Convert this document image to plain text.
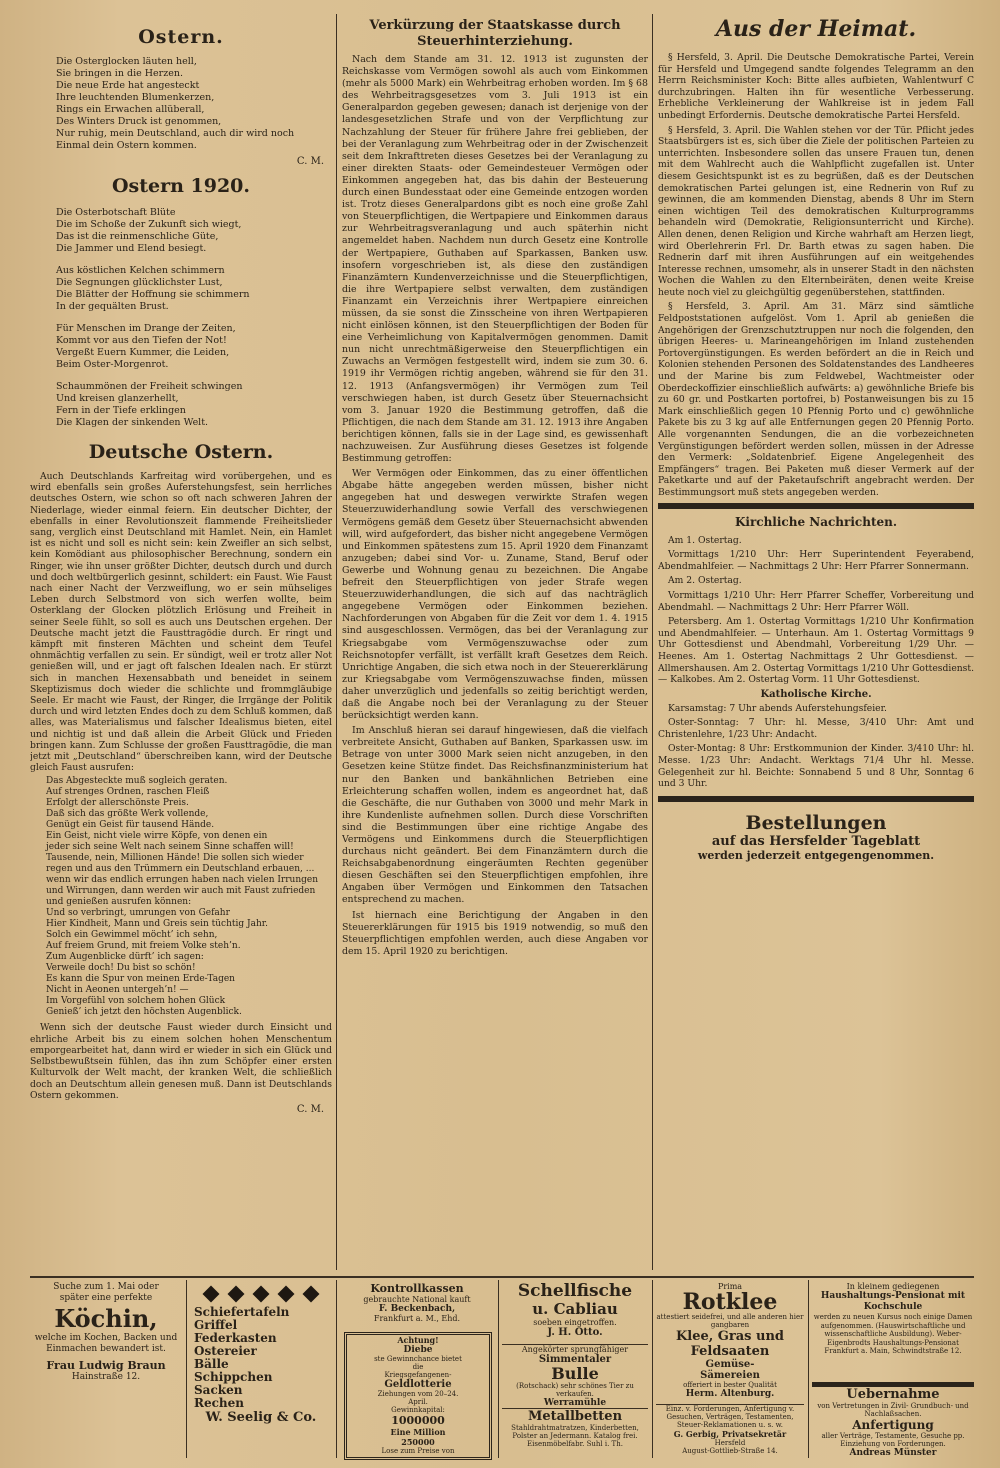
Ostern.

Die Osterglocken läuten hell,

Sie bringen in die Herzen.

Die neue Erde hat angesteckt

Ihre leuchtenden Blumenkerzen,

Rings ein Erwachen allüberall,

Des Winters Druck ist genommen,

Nur ruhig, mein Deutschland, auch dir wird noch

Einmal dein Ostern kommen.

C. M.
Ostern 1920.

Die Osterbotschaft Blüte

Die im Schoße der Zukunft sich wiegt,

Das ist die reinmenschliche Güte,

Die Jammer und Elend besiegt.

Aus köstlichen Kelchen schimmern

Die Segnungen glücklichster Lust,

Die Blätter der Hoffnung sie schimmern

In der gequälten Brust.

Für Menschen im Drange der Zeiten,

Kommt vor aus den Tiefen der Not!

Vergeßt Euern Kummer, die Leiden,

Beim Oster-Morgenrot.

Schaummönen der Freiheit schwingen

Und kreisen glanzerhellt,

Fern in der Tiefe erklingen

Die Klagen der sinkenden Welt.

Deutsche Ostern.

Auch Deutschlands Karfreitag wird vorübergehen, und es wird ebenfalls sein großes Auferstehungsfest, sein herrliches deutsches Ostern, wie schon so oft nach schweren Jahren der Niederlage, wieder einmal feiern. Ein deutscher Dichter, der ebenfalls in einer Revolutionszeit flammende Freiheitslieder sang, verglich einst Deutschland mit Hamlet. Nein, ein Hamlet ist es nicht und soll es nicht sein: kein Zweifler an sich selbst, kein Komödiant aus philosophischer Berechnung, sondern ein Ringer, wie ihn unser größter Dichter, deutsch durch und durch und doch weltbürgerlich gesinnt, schildert: ein Faust. Wie Faust nach einer Nacht der Verzweiflung, wo er sein mühseliges Leben durch Selbstmord von sich werfen wollte, beim Osterklang der Glocken plötzlich Erlösung und Freiheit in seiner Seele fühlt, so soll es auch uns Deutschen ergehen. Der Deutsche macht jetzt die Fausttragödie durch. Er ringt und kämpft mit finsteren Mächten und scheint dem Teufel ohnmächtig verfallen zu sein. Er sündigt, weil er trotz aller Not genießen will, und er jagt oft falschen Idealen nach. Er stürzt sich in manchen Hexensabbath und beneidet in seinem Skeptizismus doch wieder die schlichte und frommgläubige Seele. Er macht wie Faust, der Ringer, die Irrgänge der Politik durch und wird letzten Endes doch zu dem Schluß kommen, daß alles, was Materialismus und falscher Idealismus bieten, eitel und nichtig ist und daß allein die Arbeit Glück und Frieden bringen kann. Zum Schlusse der großen Fausttragödie, die man jetzt mit „Deutschland“ überschreiben kann, wird der Deutsche gleich Faust ausrufen:

Das Abgesteckte muß sogleich geraten.

Auf strenges Ordnen, raschen Fleiß

Erfolgt der allerschönste Preis.

Daß sich das größte Werk vollende,

Genügt ein Geist für tausend Hände.

Ein Geist, nicht viele wirre Köpfe, von denen ein

jeder sich seine Welt nach seinem Sinne schaffen will!

Tausende, nein, Millionen Hände! Die sollen sich wieder regen und aus den Trümmern ein Deutschland erbauen, ... wenn wir das endlich errungen haben nach vielen Irrungen und Wirrungen, dann werden wir auch mit Faust zufrieden und genießen ausrufen können:

Und so verbringt, umrungen von Gefahr

Hier Kindheit, Mann und Greis sein tüchtig Jahr.

Solch ein Gewimmel möcht’ ich sehn,

Auf freiem Grund, mit freiem Volke steh’n.

Zum Augenblicke dürft’ ich sagen:

Verweile doch! Du bist so schön!

Es kann die Spur von meinen Erde-Tagen

Nicht in Aeonen untergeh’n! —

Im Vorgefühl von solchem hohen Glück

Genieß’ ich jetzt den höchsten Augenblick.

Wenn sich der deutsche Faust wieder durch Einsicht und ehrliche Arbeit bis zu einem solchen hohen Menschentum emporgearbeitet hat, dann wird er wieder in sich ein Glück und Selbstbewußtsein fühlen, das ihn zum Schöpfer einer ersten Kulturvolk der Welt macht, der kranken Welt, die schließlich doch an Deutschtum allein genesen muß. Dann ist Deutschlands Ostern gekommen.

C. M.
Verkürzung der Staatskasse durch Steuerhinterziehung.

Nach dem Stande am 31. 12. 1913 ist zugunsten der Reichskasse vom Vermögen sowohl als auch vom Einkommen (mehr als 5000 Mark) ein Wehrbeitrag erhoben worden. Im § 68 des Wehrbeitragsgesetzes vom 3. Juli 1913 ist ein Generalpardon gegeben gewesen; danach ist derjenige von der landesgesetzlichen Strafe und von der Verpflichtung zur Nachzahlung der Steuer für frühere Jahre frei geblieben, der bei der Veranlagung zum Wehrbeitrag oder in der Zwischenzeit seit dem Inkrafttreten dieses Gesetzes bei der Veranlagung zu einer direkten Staats- oder Gemeindesteuer Vermögen oder Einkommen angegeben hat, das bis dahin der Besteuerung durch einen Bundesstaat oder eine Gemeinde entzogen worden ist. Trotz dieses Generalpardons gibt es noch eine große Zahl von Steuerpflichtigen, die Wertpapiere und Einkommen daraus zur Wehrbeitragsveranlagung und auch späterhin nicht angemeldet haben. Nachdem nun durch Gesetz eine Kontrolle der Wertpapiere, Guthaben auf Sparkassen, Banken usw. insofern vorgeschrieben ist, als diese den zuständigen Finanzämtern Kundenverzeichnisse und die Steuerpflichtigen, die ihre Wertpapiere selbst verwalten, dem zuständigen Finanzamt ein Verzeichnis ihrer Wertpapiere einreichen müssen, da sie sonst die Zinsscheine von ihren Wertpapieren nicht einlösen können, ist den Steuerpflichtigen der Boden für eine Verheimlichung von Kapitalvermögen genommen. Damit nun nicht unrechtmäßigerweise den Steuerpflichtigen ein Zuwachs an Vermögen festgestellt wird, indem sie zum 30. 6. 1919 ihr Vermögen richtig angeben, während sie für den 31. 12. 1913 (Anfangsvermögen) ihr Vermögen zum Teil verschwiegen haben, ist durch Gesetz über Steuernachsicht vom 3. Januar 1920 die Bestimmung getroffen, daß die Pflichtigen, die nach dem Stande am 31. 12. 1913 ihre Angaben berichtigen können, falls sie in der Lage sind, es gewissenhaft nachzuweisen. Zur Ausführung dieses Gesetzes ist folgende Bestimmung getroffen:

Wer Vermögen oder Einkommen, das zu einer öffentlichen Abgabe hätte angegeben werden müssen, bisher nicht angegeben hat und deswegen verwirkte Strafen wegen Steuerzuwiderhandlung sowie Verfall des verschwiegenen Vermögens gemäß dem Gesetz über Steuernachsicht abwenden will, wird aufgefordert, das bisher nicht angegebene Vermögen und Einkommen spätestens zum 15. April 1920 dem Finanzamt anzugeben; dabei sind Vor- u. Zuname, Stand, Beruf oder Gewerbe und Wohnung genau zu bezeichnen. Die Angabe befreit den Steuerpflichtigen von jeder Strafe wegen Steuerzuwiderhandlungen, die sich auf das nachträglich angegebene Vermögen oder Einkommen beziehen. Nachforderungen von Abgaben für die Zeit vor dem 1. 4. 1915 sind ausgeschlossen. Vermögen, das bei der Veranlagung zur Kriegsabgabe vom Vermögenszuwachse oder zum Reichsnotopfer verfällt, ist verfällt kraft Gesetzes dem Reich. Unrichtige Angaben, die sich etwa noch in der Steuererklärung zur Kriegsabgabe vom Vermögenszuwachse finden, müssen daher unverzüglich und jedenfalls so zeitig berichtigt werden, daß die Angabe noch bei der Veranlagung zu der Steuer berücksichtigt werden kann.

Im Anschluß hieran sei darauf hingewiesen, daß die vielfach verbreitete Ansicht, Guthaben auf Banken, Sparkassen usw. im Betrage von unter 3000 Mark seien nicht anzugeben, in den Gesetzen keine Stütze findet. Das Reichsfinanzministerium hat nur den Banken und bankähnlichen Betrieben eine Erleichterung schaffen wollen, indem es angeordnet hat, daß die Geschäfte, die nur Guthaben von 3000 und mehr Mark in ihre Kundenliste aufnehmen sollen. Durch diese Vorschriften sind die Bestimmungen über eine richtige Angabe des Vermögens und Einkommens durch die Steuerpflichtigen durchaus nicht geändert. Bei dem Finanzämtern durch die Reichsabgabenordnung eingeräumten Rechten gegenüber diesen Geschäften sei den Steuerpflichtigen empfohlen, ihre Angaben über Vermögen und Einkommen den Tatsachen entsprechend zu machen.

Ist hiernach eine Berichtigung der Angaben in den Steuererklärungen für 1915 bis 1919 notwendig, so muß den Steuerpflichtigen empfohlen werden, auch diese Angaben vor dem 15. April 1920 zu berichtigen.

Aus der Heimat.

§ Hersfeld, 3. April. Die Deutsche Demokratische Partei, Verein für Hersfeld und Umgegend sandte folgendes Telegramm an den Herrn Reichsminister Koch: Bitte alles aufbieten, Wahlentwurf C durchzubringen. Halten ihn für wesentliche Verbesserung. Erhebliche Verkleinerung der Wahlkreise ist in jedem Fall unbedingt Erfordernis. Deutsche demokratische Partei Hersfeld.

§ Hersfeld, 3. April. Die Wahlen stehen vor der Tür. Pflicht jedes Staatsbürgers ist es, sich über die Ziele der politischen Parteien zu unterrichten. Insbesondere sollen das unsere Frauen tun, denen mit dem Wahlrecht auch die Wahlpflicht zugefallen ist. Unter diesem Gesichtspunkt ist es zu begrüßen, daß es der Deutschen demokratischen Partei gelungen ist, eine Rednerin von Ruf zu gewinnen, die am kommenden Dienstag, abends 8 Uhr im Stern einen wichtigen Teil des demokratischen Kulturprogramms behandeln wird (Demokratie, Religionsunterricht und Kirche). Allen denen, denen Religion und Kirche wahrhaft am Herzen liegt, wird Oberlehrerin Frl. Dr. Barth etwas zu sagen haben. Die Rednerin darf mit ihren Ausführungen auf ein weitgehendes Interesse rechnen, umsomehr, als in unserer Stadt in den nächsten Wochen die Wahlen zu den Elternbeiräten, denen weite Kreise heute noch viel zu gleichgültig gegenüberstehen, stattfinden.

§ Hersfeld, 3. April. Am 31. März sind sämtliche Feldpoststationen aufgelöst. Vom 1. April ab genießen die Angehörigen der Grenzschutztruppen nur noch die folgenden, den übrigen Heeres- u. Marineangehörigen im Inland zustehenden Portovergünstigungen. Es werden befördert an die in Reich und Kolonien stehenden Personen des Soldatenstandes des Landheeres und der Marine bis zum Feldwebel, Wachtmeister oder Oberdeckoffizier einschließlich aufwärts: a) gewöhnliche Briefe bis zu 60 gr. und Postkarten portofrei, b) Postanweisungen bis zu 15 Mark einschließlich gegen 10 Pfennig Porto und c) gewöhnliche Pakete bis zu 3 kg auf alle Entfernungen gegen 20 Pfennig Porto. Alle vorgenannten Sendungen, die an die vorbezeichneten Vergünstigungen befördert werden sollen, müssen in der Adresse den Vermerk: „Soldatenbrief. Eigene Angelegenheit des Empfängers“ tragen. Bei Paketen muß dieser Vermerk auf der Paketkarte und auf der Paketaufschrift angebracht werden. Der Bestimmungsort muß stets angegeben werden.

Kirchliche Nachrichten.

Am 1. Ostertag.

Vormittags 1/210 Uhr: Herr Superintendent Feyerabend, Abendmahlfeier. — Nachmittags 2 Uhr: Herr Pfarrer Sonnermann.

Am 2. Ostertag.

Vormittags 1/210 Uhr: Herr Pfarrer Scheffer, Vorbereitung und Abendmahl. — Nachmittags 2 Uhr: Herr Pfarrer Wöll.

Petersberg. Am 1. Ostertag Vormittags 1/210 Uhr Konfirmation und Abendmahlfeier. — Unterhaun. Am 1. Ostertag Vormittags 9 Uhr Gottesdienst und Abendmahl, Vorbereitung 1/29 Uhr. — Heenes. Am 1. Ostertag Nachmittags 2 Uhr Gottesdienst. — Allmershausen. Am 2. Ostertag Vormittags 1/210 Uhr Gottesdienst. — Kalkobes. Am 2. Ostertag Vorm. 11 Uhr Gottesdienst.

Katholische Kirche.

Karsamstag: 7 Uhr abends Auferstehungsfeier.

Oster-Sonntag: 7 Uhr: hl. Messe, 3/410 Uhr: Amt und Christenlehre, 1/23 Uhr: Andacht.

Oster-Montag: 8 Uhr: Erstkommunion der Kinder. 3/410 Uhr: hl. Messe. 1/23 Uhr: Andacht. Werktags 71/4 Uhr hl. Messe. Gelegenheit zur hl. Beichte: Sonnabend 5 und 8 Uhr, Sonntag 6 und 3 Uhr.

Bestellungen
auf das Hersfelder Tageblatt
werden jederzeit entgegengenommen.
Suche zum 1. Mai oder
später eine perfekte
Köchin,
welche im Kochen, Backen und Einmachen bewandert ist.
Frau Ludwig Braun
Hainstraße 12.
Schiefertafeln
Griffel
Federkasten
Ostereier
Bälle
Schippchen
Sacken
Rechen
W. Seelig & Co.
Kontrollkassen
gebrauchte National kauft
F. Beckenbach,
Frankfurt a. M., Ehd.
Achtung!
Diebe
ste Gewinnchance bietet
die
Kriegsgefangenen-
Geldlotterie
Ziehungen vom 20–24.
April.
Gewinnkapital:
1000000
Eine Million
250000
Lose zum Preise von
Schellfische
u. Cabliau
soeben eingetroffen.
J. H. Otto.
Angekörter sprungfähiger
Simmentaler
Bulle
(Rotschack) sehr schönes Tier zu verkaufen.
Werramühle
Metallbetten
Stahldrahtmatratzen, Kinderbetten, Polster an Jedermann. Katalog frei.
Eisenmöbelfabr. Suhl i. Th.
Prima
Rotklee
attestiert seidefrei, und alle anderen hier gangbaren
Klee, Gras und
Feldsaaten
Gemüse-
Sämereien
offeriert in bester Qualität
Herm. Altenburg.
Einz. v. Forderungen, Anfertigung v. Gesuchen, Verträgen, Testamenten, Steuer-Reklamationen u. s. w.
G. Gerbig, Privatsekretär
Hersfeld
August-Gottlieb-Straße 14.
In kleinem gediegenen
Haushaltungs-Pensionat mit Kochschule
werden zu neuen Kursus noch einige Damen aufgenommen. (Hauswirtschaftliche und wissenschaftliche Ausbildung). Weber-Eigenbrodts Haushaltungs-Pensionat Frankfurt a. Main, Schwindtstraße 12.
Uebernahme
von Vertretungen in Zivil- Grundbuch- und Nachlaßsachen.
Anfertigung
aller Verträge, Testamente, Gesuche pp. Einziehung von Forderungen.
Andreas Münster
